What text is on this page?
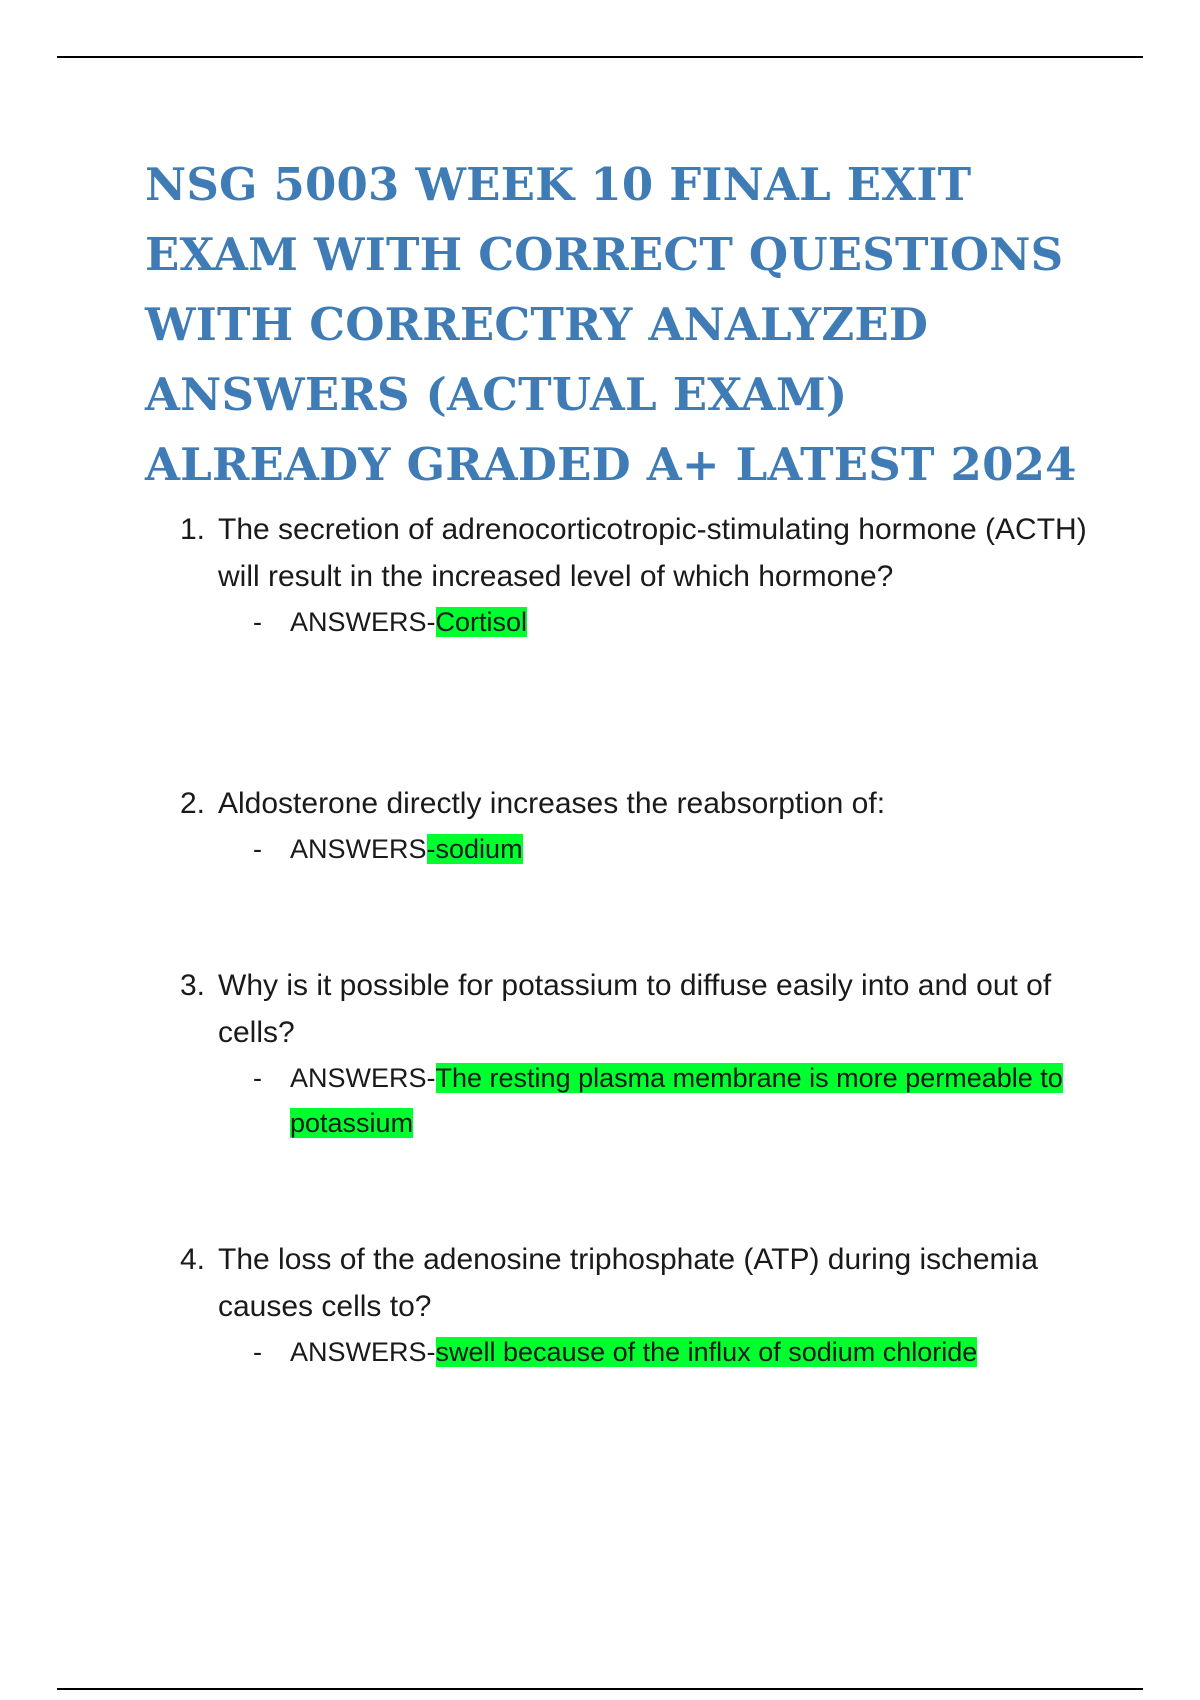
NSG 5003 WEEK 10 FINAL EXIT EXAM WITH CORRECT QUESTIONS WITH CORRECTRY ANALYZED ANSWERS (ACTUAL EXAM) ALREADY GRADED A+ LATEST 2024
1. The secretion of adrenocorticotropic-stimulating hormone (ACTH) will result in the increased level of which hormone?
- ANSWERS-Cortisol
2. Aldosterone directly increases the reabsorption of:
- ANSWERS-sodium
3. Why is it possible for potassium to diffuse easily into and out of cells?
- ANSWERS-The resting plasma membrane is more permeable to potassium
4. The loss of the adenosine triphosphate (ATP) during ischemia causes cells to?
- ANSWERS-swell because of the influx of sodium chloride
